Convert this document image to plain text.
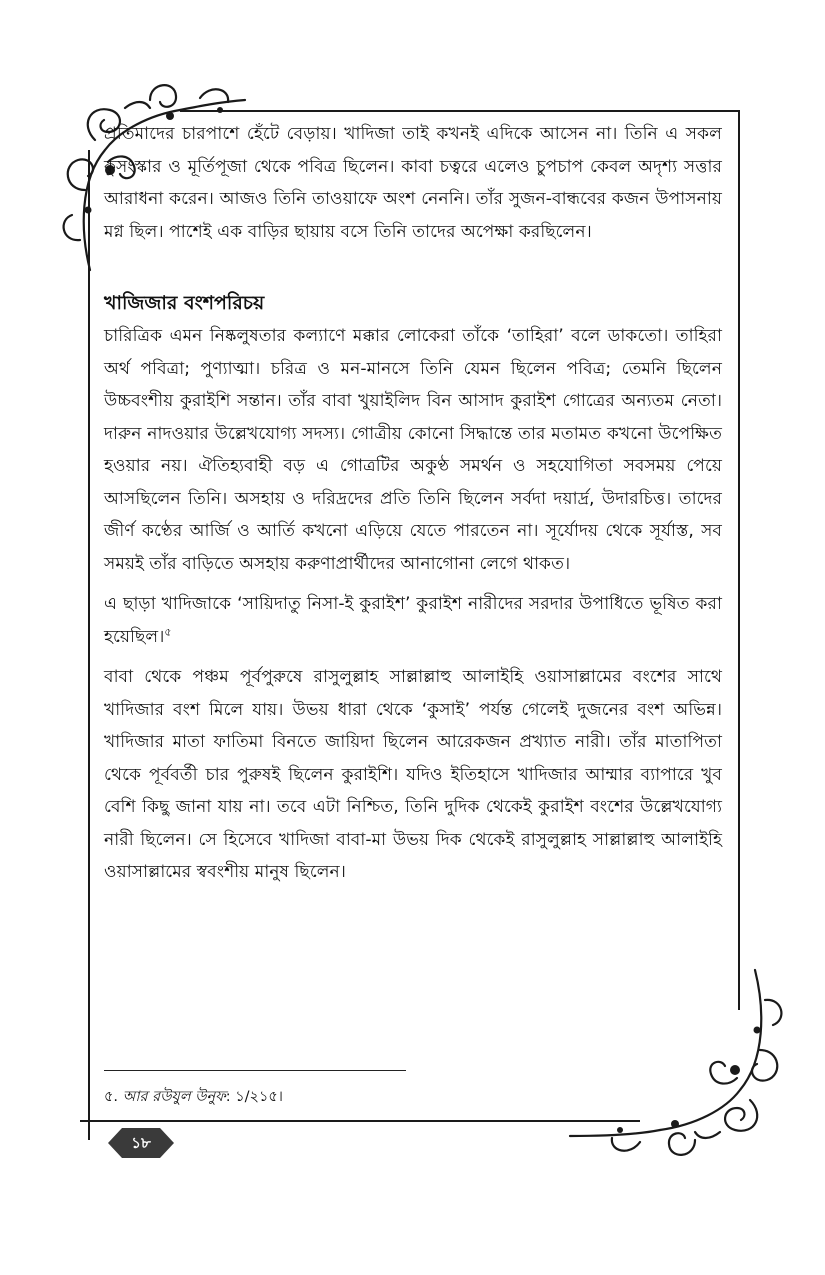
প্রতিমাদের চারপাশে হেঁটে বেড়ায়। খাদিজা তাই কখনই এদিকে আসেন না। তিনি এ সকল কুসংস্কার ও মূর্তিপূজা থেকে পবিত্র ছিলেন। কাবা চত্বরে এলেও চুপচাপ কেবল অদৃশ্য সত্তার আরাধনা করেন। আজও তিনি তাওয়াফে অংশ নেননি। তাঁর সুজন-বান্ধবের কজন উপাসনায় মগ্ন ছিল। পাশেই এক বাড়ির ছায়ায় বসে তিনি তাদের অপেক্ষা করছিলেন।

খাজিজার বংশপরিচয়

চারিত্রিক এমন নিষ্কলুষতার কল্যাণে মক্কার লোকেরা তাঁকে ‘তাহিরা’ বলে ডাকতো। তাহিরা অর্থ পবিত্রা; পুণ্যাত্মা। চরিত্র ও মন-মানসে তিনি যেমন ছিলেন পবিত্র; তেমনি ছিলেন উচ্চবংশীয় কুরাইশি সন্তান। তাঁর বাবা খুয়াইলিদ বিন আসাদ কুরাইশ গোত্রের অন্যতম নেতা। দারুন নাদওয়ার উল্লেখযোগ্য সদস্য। গোত্রীয় কোনো সিদ্ধান্তে তার মতামত কখনো উপেক্ষিত হওয়ার নয়। ঐতিহ্যবাহী বড় এ গোত্রটির অকুণ্ঠ সমর্থন ও সহযোগিতা সবসময় পেয়ে আসছিলেন তিনি। অসহায় ও দরিদ্রদের প্রতি তিনি ছিলেন সর্বদা দয়ার্দ্র, উদারচিত্ত। তাদের জীর্ণ কণ্ঠের আর্জি ও আর্তি কখনো এড়িয়ে যেতে পারতেন না। সূর্যোদয় থেকে সূর্যাস্ত, সব সময়ই তাঁর বাড়িতে অসহায় করুণাপ্রার্থীদের আনাগোনা লেগে থাকত।

এ ছাড়া খাদিজাকে ‘সায়িদাতু নিসা-ই কুরাইশ’ কুরাইশ নারীদের সরদার উপাধিতে ভূষিত করা হয়েছিল।$^৫$

বাবা থেকে পঞ্চম পূর্বপুরুষে রাসুলুল্লাহ সাল্লাল্লাহু আলাইহি ওয়াসাল্লামের বংশের সাথে খাদিজার বংশ মিলে যায়। উভয় ধারা থেকে ‘কুসাই’ পর্যন্ত গেলেই দুজনের বংশ অভিন্ন। খাদিজার মাতা ফাতিমা বিনতে জায়িদা ছিলেন আরেকজন প্রখ্যাত নারী। তাঁর মাতাপিতা থেকে পূর্ববর্তী চার পুরুষই ছিলেন কুরাইশি। যদিও ইতিহাসে খাদিজার আম্মার ব্যাপারে খুব বেশি কিছু জানা যায় না। তবে এটা নিশ্চিত, তিনি দুদিক থেকেই কুরাইশ বংশের উল্লেখযোগ্য নারী ছিলেন। সে হিসেবে খাদিজা বাবা-মা উভয় দিক থেকেই রাসুলুল্লাহ সাল্লাল্লাহু আলাইহি ওয়াসাল্লামের স্ববংশীয় মানুষ ছিলেন।

৫. আর রউযুল উনুফ: ১/২১৫।
১৮
